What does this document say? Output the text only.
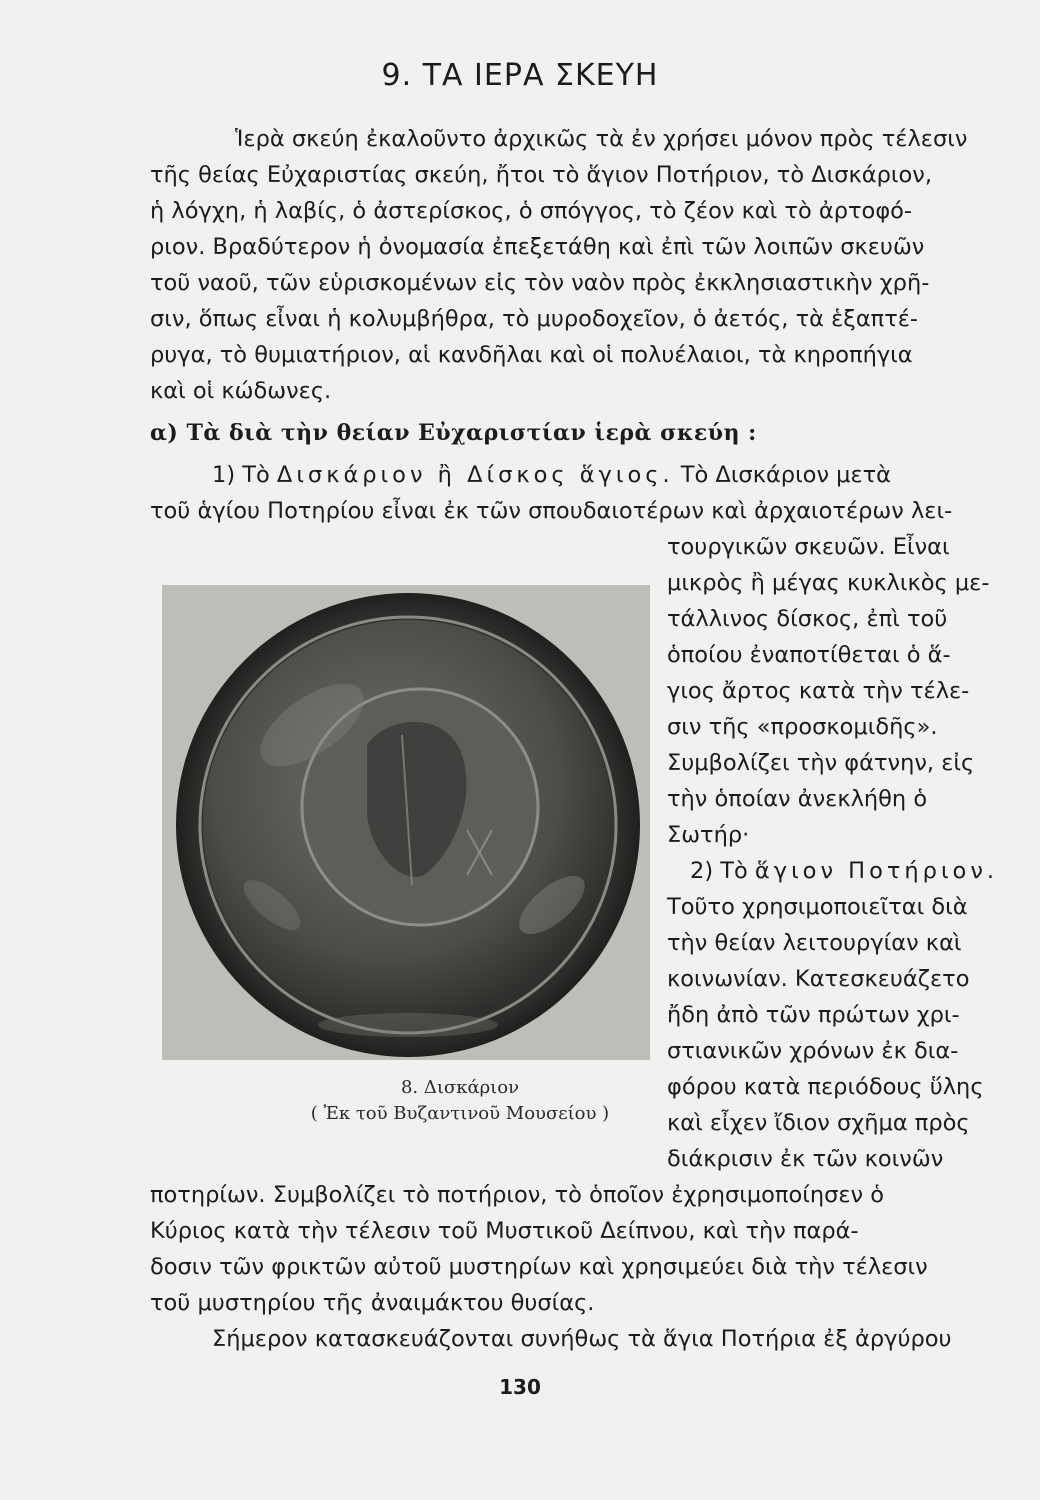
9. ΤΑ ΙΕΡΑ ΣΚΕΥΗ
Ἱερὰ σκεύη ἐκαλοῦντο ἀρχικῶς τὰ ἐν χρήσει μόνον πρὸς τέλεσιν
τῆς θείας Εὐχαριστίας σκεύη, ἤτοι τὸ ἅγιον Ποτήριον, τὸ Δισκάριον,
ἡ λόγχη, ἡ λαβίς, ὁ ἀστερίσκος, ὁ σπόγγος, τὸ ζέον καὶ τὸ ἀρτοφό-
ριον. Βραδύτερον ἡ ὀνομασία ἐπεξετάθη καὶ ἐπὶ τῶν λοιπῶν σκευῶν
τοῦ ναοῦ, τῶν εὑρισκομένων εἰς τὸν ναὸν πρὸς ἐκκλησιαστικὴν χρῆ-
σιν, ὅπως εἶναι ἡ κολυμβήθρα, τὸ μυροδοχεῖον, ὁ ἀετός, τὰ ἑξαπτέ-
ρυγα, τὸ θυμιατήριον, αἱ κανδῆλαι καὶ οἱ πολυέλαιοι, τὰ κηροπήγια
καὶ οἱ κώδωνες.
α) Τὰ διὰ τὴν θείαν Εὐχαριστίαν ἱερὰ σκεύη :
1) Τὸ Δισκάριον ἢ Δίσκος ἅγιος. Τὸ Δισκάριον μετὰ
τοῦ ἁγίου Ποτηρίου εἶναι ἐκ τῶν σπουδαιοτέρων καὶ ἀρχαιοτέρων λει-
τουργικῶν σκευῶν. Εἶναι
μικρὸς ἢ μέγας κυκλικὸς με-
τάλλινος δίσκος, ἐπὶ τοῦ
ὁποίου ἐναποτίθεται ὁ ἅ-
γιος ἄρτος κατὰ τὴν τέλε-
σιν τῆς «προσκομιδῆς».
Συμβολίζει τὴν φάτνην, εἰς
τὴν ὁποίαν ἀνεκλήθη ὁ
Σωτήρ·
2) Τὸ ἅγιον Ποτήριον.
Τοῦτο χρησιμοποιεῖται διὰ
τὴν θείαν λειτουργίαν καὶ
κοινωνίαν. Κατεσκευάζετο
ἤδη ἀπὸ τῶν πρώτων χρι-
στιανικῶν χρόνων ἐκ δια-
φόρου κατὰ περιόδους ὕλης
καὶ εἶχεν ἴδιον σχῆμα πρὸς
διάκρισιν ἐκ τῶν κοινῶν
ποτηρίων. Συμβολίζει τὸ ποτήριον, τὸ ὁποῖον ἐχρησιμοποίησεν ὁ
Κύριος κατὰ τὴν τέλεσιν τοῦ Μυστικοῦ Δείπνου, καὶ τὴν παρά-
δοσιν τῶν φρικτῶν αὐτοῦ μυστηρίων καὶ χρησιμεύει διὰ τὴν τέλεσιν
τοῦ μυστηρίου τῆς ἀναιμάκτου θυσίας.
Σήμερον κατασκευάζονται συνήθως τὰ ἅγια Ποτήρια ἐξ ἀργύρου
8. Δισκάριον
( Ἐκ τοῦ Βυζαντινοῦ Μουσείου )
130
